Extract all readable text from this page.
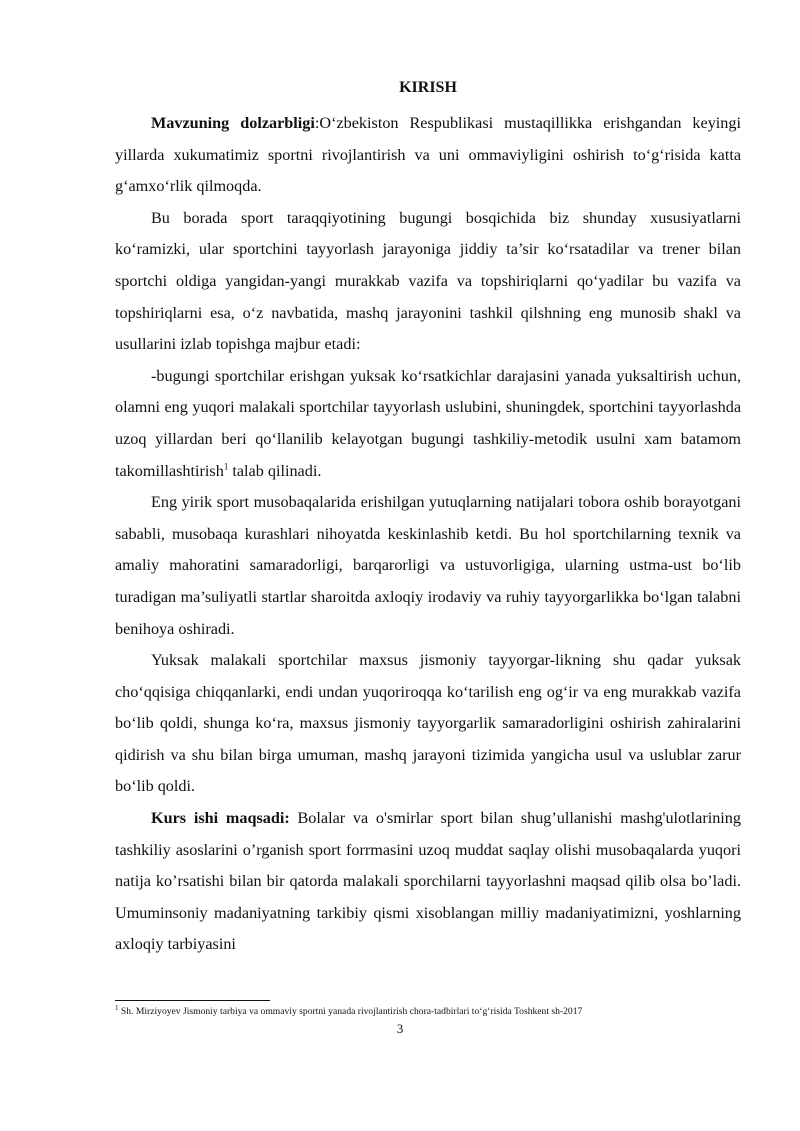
KIRISH

Mavzuning dolzarbligi:O‘zbekiston Respublikasi mustaqillikka erishgandan keyingi yillarda xukumatimiz sportni rivojlantirish va uni ommaviyligini oshirish to‘g‘risida katta g‘amxo‘rlik qilmoqda.

Bu borada sport taraqqiyotining bugungi bosqichida biz shunday xususiyatlarni ko‘ramizki, ular sportchini tayyorlash jarayoniga jiddiy ta’sir ko‘rsatadilar va trener bilan sportchi oldiga yangidan-yangi murakkab vazifa va topshiriqlarni qo‘yadilar bu vazifa va topshiriqlarni esa, o‘z navbatida, mashq jarayonini tashkil qilshning eng munosib shakl va usullarini izlab topishga majbur etadi:

-bugungi sportchilar erishgan yuksak ko‘rsatkichlar darajasini yanada yuksaltirish uchun, olamni eng yuqori malakali sportchilar tayyorlash uslubini, shuningdek, sportchini tayyorlashda uzoq yillardan beri qo‘llanilib kelayotgan bugungi tashkiliy-metodik usulni xam batamom takomillashtirish$^1$ talab qilinadi.

Eng yirik sport musobaqalarida erishilgan yutuqlarning natijalari tobora oshib borayotgani sababli, musobaqa kurashlari nihoyatda keskinlashib ketdi. Bu hol sportchilarning texnik va amaliy mahoratini samaradorligi, barqarorligi va ustuvorligiga, ularning ustma-ust bo‘lib turadigan ma’suliyatli startlar sharoitda axloqiy irodaviy va ruhiy tayyorgarlikka bo‘lgan talabni benihoya oshiradi.

Yuksak malakali sportchilar maxsus jismoniy tayyorgar-likning shu qadar yuksak cho‘qqisiga chiqqanlarki, endi undan yuqoriroqqa ko‘tarilish eng og‘ir va eng murakkab vazifa bo‘lib qoldi, shunga ko‘ra, maxsus jismoniy tayyorgarlik samaradorligini oshirish zahiralarini qidirish va shu bilan birga umuman, mashq jarayoni tizimida yangicha usul va uslublar zarur bo‘lib qoldi.

Kurs ishi maqsadi: Bolalar va o'smirlar sport bilan shug’ullanishi mashg'ulotlarining tashkiliy asoslarini o’rganish sport forrmasini uzoq muddat saqlay olishi musobaqalarda yuqori natija ko’rsatishi bilan bir qatorda malakali sporchilarni tayyorlashni maqsad qilib olsa bo’ladi. Umuminsoniy madaniyatning tarkibiy qismi xisoblangan milliy madaniyatimizni, yoshlarning axloqiy tarbiyasini

$^1$ Sh. Mirziyoyev Jismoniy tarbiya va ommaviy sportni yanada rivojlantirish chora-tadbirlari to‘g‘risida Toshkent sh-2017
3
